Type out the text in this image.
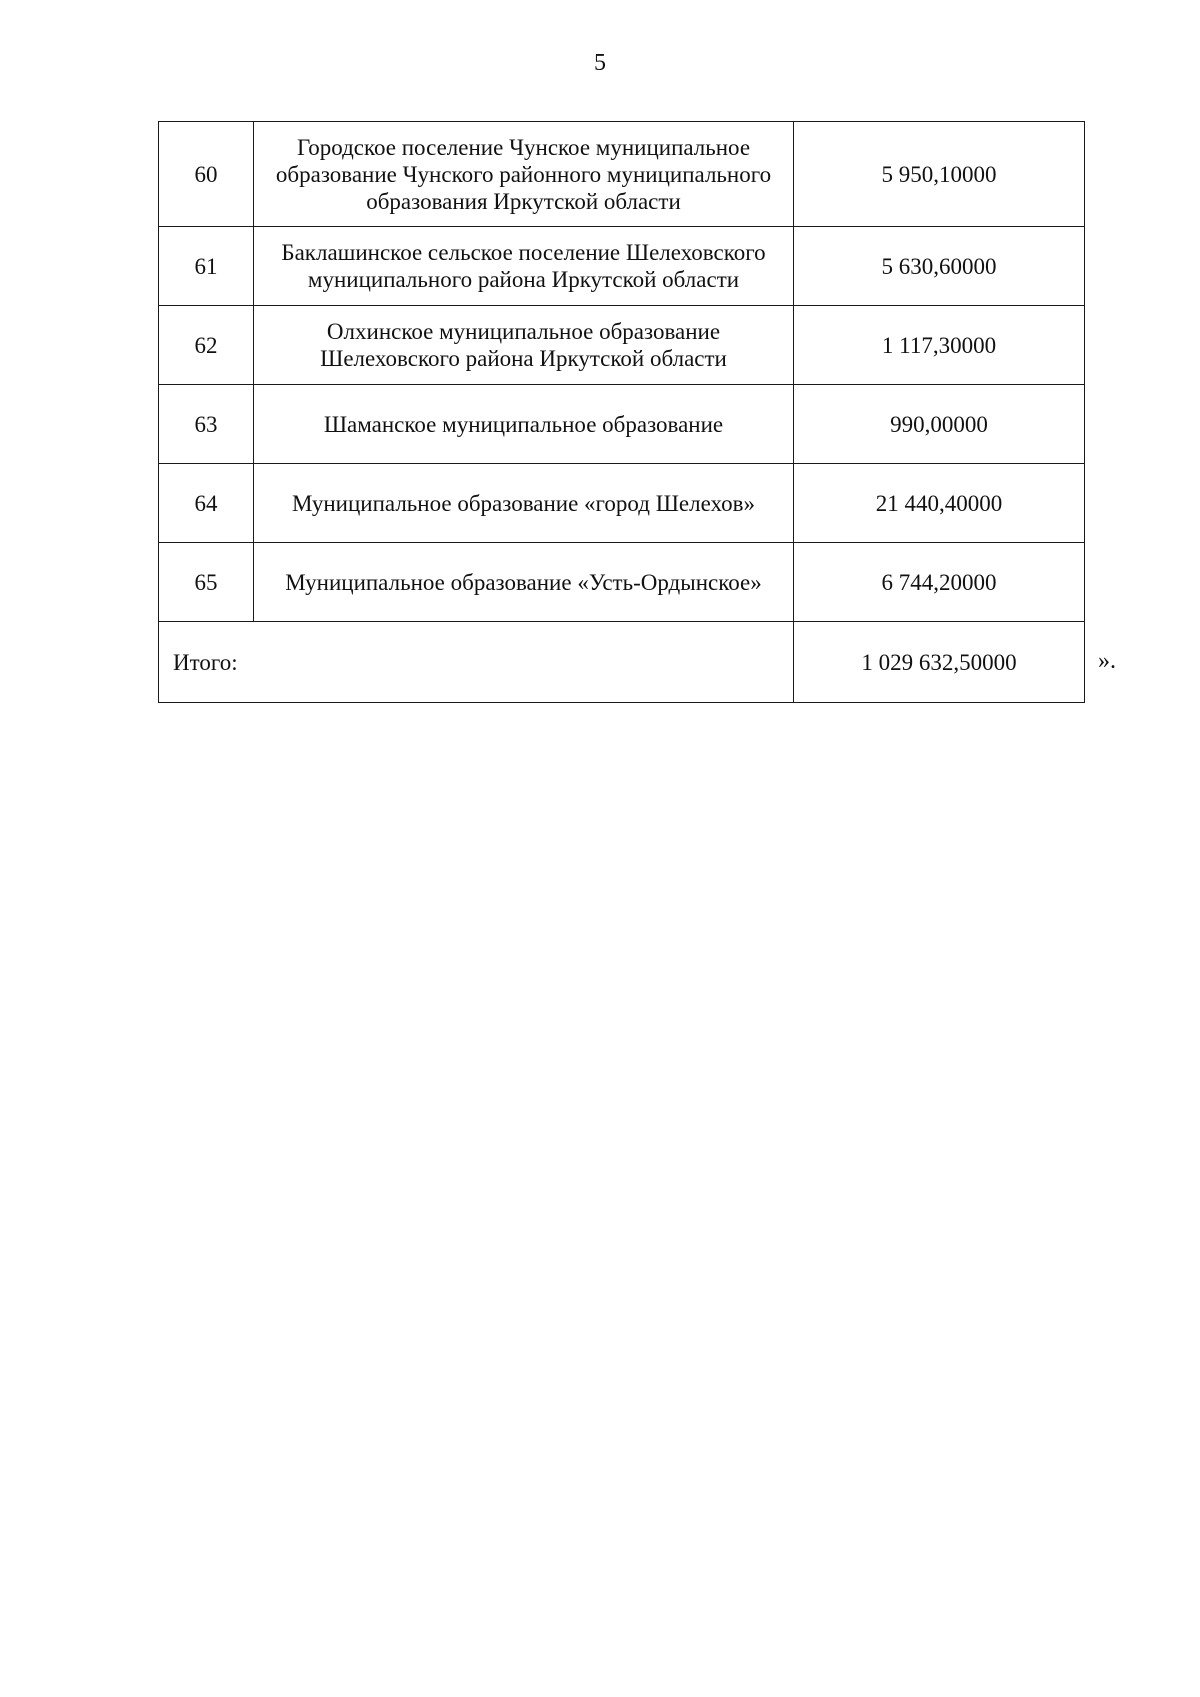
5
60	Городское поселение Чунское муниципальное образование Чунского районного муниципального образования Иркутской области	5 950,10000
61	Баклашинское сельское поселение Шелеховского муниципального района Иркутской области	5 630,60000
62	Олхинское муниципальное образование Шелеховского района Иркутской области	1 117,30000
63	Шаманское муниципальное образование	990,00000
64	Муниципальное образование «город Шелехов»	21 440,40000
65	Муниципальное образование «Усть-Ордынское»	6 744,20000
Итого:		1 029 632,50000	».
